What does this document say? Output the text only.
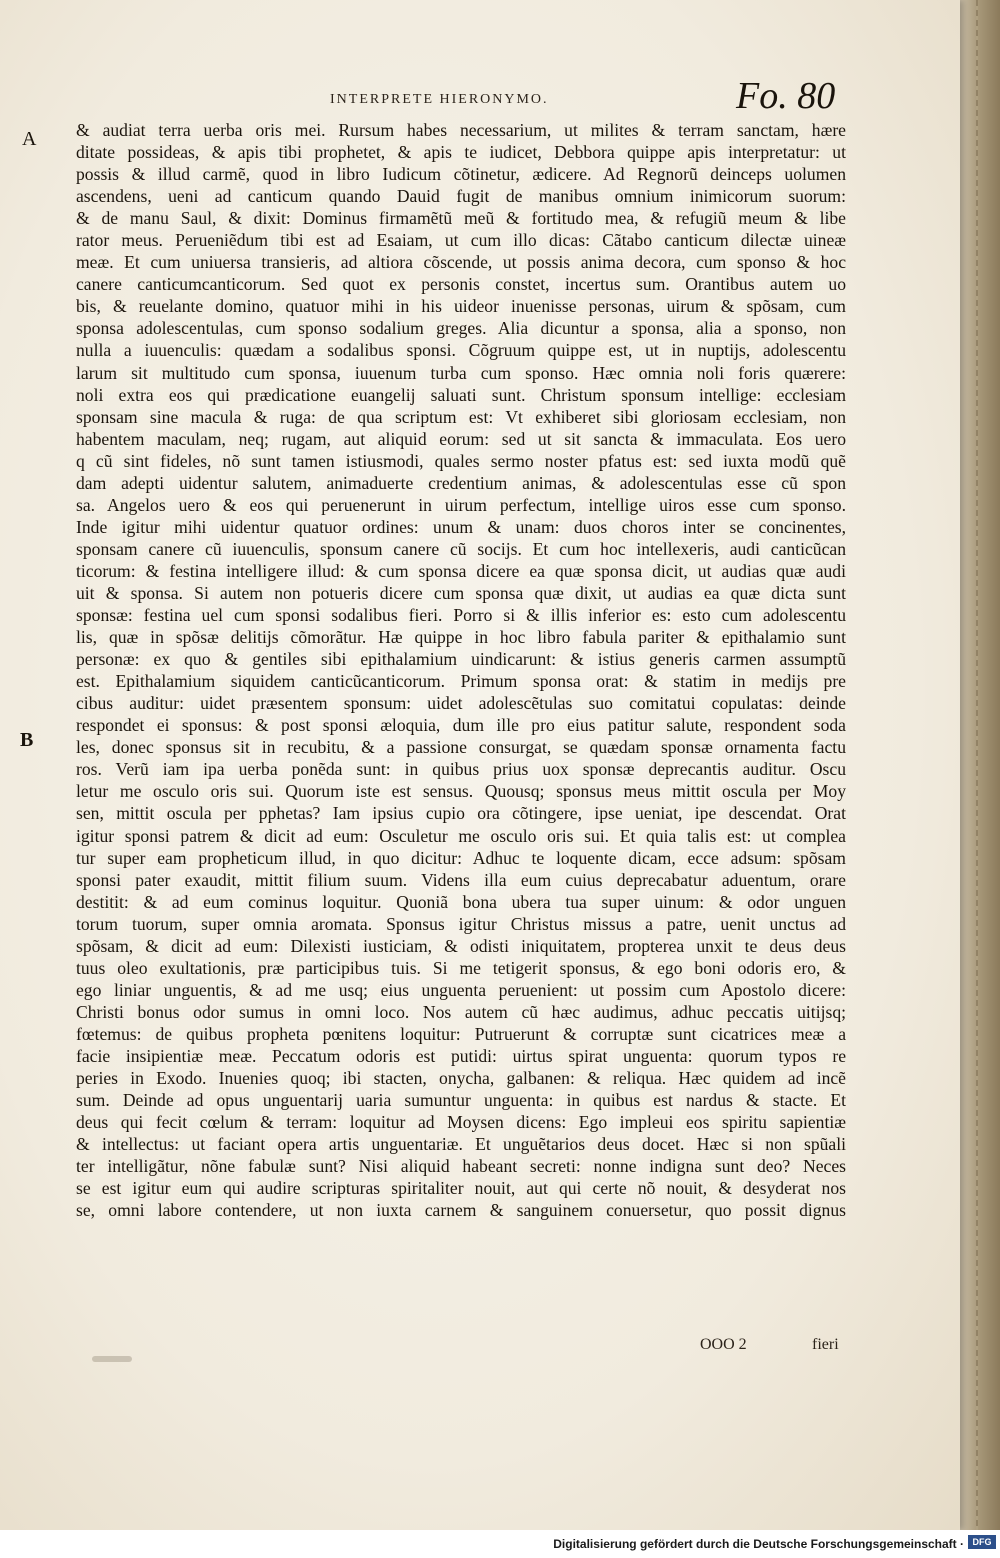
INTERPRETE HIERONYMO.	Fo. 80
A
B
& audiat terra uerba oris mei. Rursum habes necessarium, ut milites & terram sanctam, hære
ditate possideas, & apis tibi prophetet, & apis te iudicet, Debbora quippe apis interpretatur: ut
possis & illud carmẽ, quod in libro Iudicum cõtinetur, ædicere. Ad Regnorũ deinceps uolumen
ascendens, ueni ad canticum quando Dauid fugit de manibus omnium inimicorum suorum:
& de manu Saul, & dixit: Dominus firmamẽtũ meũ & fortitudo mea, & refugiũ meum & libe
rator meus. Perueniẽdum tibi est ad Esaiam, ut cum illo dicas: Cãtabo canticum dilectæ uineæ
meæ. Et cum uniuersa transieris, ad altiora cõscende, ut possis anima decora, cum sponso & hoc
canere canticumcanticorum. Sed quot ex personis constet, incertus sum. Orantibus autem uo
bis, & reuelante domino, quatuor mihi in his uideor inuenisse personas, uirum & spõsam, cum
sponsa adolescentulas, cum sponso sodalium greges. Alia dicuntur a sponsa, alia a sponso, non
nulla a iuuenculis: quædam a sodalibus sponsi. Cõgruum quippe est, ut in nuptijs, adolescentu
larum sit multitudo cum sponsa, iuuenum turba cum sponso. Hæc omnia noli foris quærere:
noli extra eos qui prædicatione euangelij saluati sunt. Christum sponsum intellige: ecclesiam
sponsam sine macula & ruga: de qua scriptum est: Vt exhiberet sibi gloriosam ecclesiam, non
habentem maculam, neq; rugam, aut aliquid eorum: sed ut sit sancta & immaculata. Eos uero
q cũ sint fideles, nõ sunt tamen istiusmodi, quales sermo noster pfatus est: sed iuxta modũ quẽ
dam adepti uidentur salutem, animaduerte credentium animas, & adolescentulas esse cũ spon
sa. Angelos uero & eos qui peruenerunt in uirum perfectum, intellige uiros esse cum sponso.
Inde igitur mihi uidentur quatuor ordines: unum & unam: duos choros inter se concinentes,
sponsam canere cũ iuuenculis, sponsum canere cũ socijs. Et cum hoc intellexeris, audi canticũcan
ticorum: & festina intelligere illud: & cum sponsa dicere ea quæ sponsa dicit, ut audias quæ audi
uit & sponsa. Si autem non potueris dicere cum sponsa quæ dixit, ut audias ea quæ dicta sunt
sponsæ: festina uel cum sponsi sodalibus fieri. Porro si & illis inferior es: esto cum adolescentu
lis, quæ in spõsæ delitijs cõmorãtur. Hæ quippe in hoc libro fabula pariter & epithalamio sunt
personæ: ex quo & gentiles sibi epithalamium uindicarunt: & istius generis carmen assumptũ
est. Epithalamium siquidem canticũcanticorum. Primum sponsa orat: & statim in medijs pre
cibus auditur: uidet præsentem sponsum: uidet adolescẽtulas suo comitatui copulatas: deinde
respondet ei sponsus: & post sponsi æloquia, dum ille pro eius patitur salute, respondent soda
les, donec sponsus sit in recubitu, & a passione consurgat, se quædam sponsæ ornamenta factu
ros. Verũ iam ipa uerba ponẽda sunt: in quibus prius uox sponsæ deprecantis auditur. Oscu
letur me osculo oris sui. Quorum iste est sensus. Quousq; sponsus meus mittit oscula per Moy
sen, mittit oscula per pphetas? Iam ipsius cupio ora cõtingere, ipse ueniat, ipe descendat. Orat
igitur sponsi patrem & dicit ad eum: Osculetur me osculo oris sui. Et quia talis est: ut complea
tur super eam propheticum illud, in quo dicitur: Adhuc te loquente dicam, ecce adsum: spõsam
sponsi pater exaudit, mittit filium suum. Videns illa eum cuius deprecabatur aduentum, orare
destitit: & ad eum cominus loquitur. Quoniã bona ubera tua super uinum: & odor unguen
torum tuorum, super omnia aromata. Sponsus igitur Christus missus a patre, uenit unctus ad
spõsam, & dicit ad eum: Dilexisti iusticiam, & odisti iniquitatem, propterea unxit te deus deus
tuus oleo exultationis, præ participibus tuis. Si me tetigerit sponsus, & ego boni odoris ero, &
ego liniar unguentis, & ad me usq; eius unguenta peruenient: ut possim cum Apostolo dicere:
Christi bonus odor sumus in omni loco. Nos autem cũ hæc audimus, adhuc peccatis uitijsq;
fœtemus: de quibus propheta pœnitens loquitur: Putruerunt & corruptæ sunt cicatrices meæ a
facie insipientiæ meæ. Peccatum odoris est putidi: uirtus spirat unguenta: quorum typos re
peries in Exodo. Inuenies quoq; ibi stacten, onycha, galbanen: & reliqua. Hæc quidem ad incẽ
sum. Deinde ad opus unguentarij uaria sumuntur unguenta: in quibus est nardus & stacte. Et
deus qui fecit cœlum & terram: loquitur ad Moysen dicens: Ego impleui eos spiritu sapientiæ
& intellectus: ut faciant opera artis unguentariæ. Et unguẽtarios deus docet. Hæc si non spũali
ter intelligãtur, nõne fabulæ sunt? Nisi aliquid habeant secreti: nonne indigna sunt deo? Neces
se est igitur eum qui audire scripturas spiritaliter nouit, aut qui certe nõ nouit, & desyderat nos
se, omni labore contendere, ut non iuxta carnem & sanguinem conuersetur, quo possit dignus
OOO 2	fieri
Digitalisierung gefördert durch die Deutsche Forschungsgemeinschaft · DFG
